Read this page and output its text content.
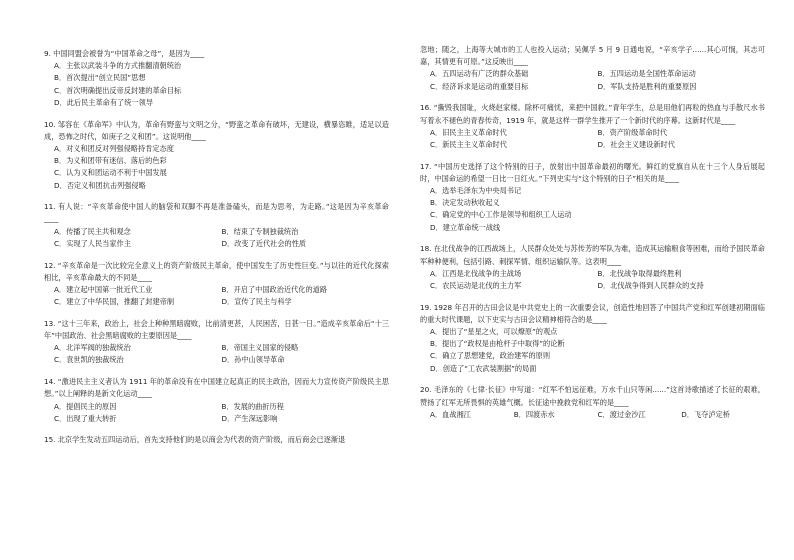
9. 中国同盟会被誉为“中国革命之母”，是因为____
A．主张以武装斗争的方式推翻清朝统治
B．首次提出“创立民国”思想
C．首次明确提出反帝反封建的革命目标
D．此后民主革命有了统一领导
10. 邹容在《革命军》中认为，革命有野蛮与文明之分，“野蛮之革命有破坏，无建设，横暴恣睢，适足以造成，恐怖之时代，如庚子之义和团”。这说明他____
A．对义和团反对列强侵略持肯定态度
B．为义和团带有迷信、落后的色彩
C．认为义和团运动不利于中国发展
D．否定义和团抗击列强侵略
11. 有人说：“辛亥革命使中国人的脑袋和双脚不再是准备磕头，而是为思考，为走路。”这是因为辛亥革命____
A．传播了民主共和观念	B．结束了专制独裁统治
C．实现了人民当家作主	D．改变了近代社会的性质
12. “辛亥革命是一次比较完全意义上的资产阶级民主革命，使中国发生了历史性巨变。”与以往的近代化探索相比，辛亥革命最大的不同是____
A．建立起中国第一批近代工业	B．开启了中国政治近代化的道路
C．建立了中华民国，推翻了封建帝制	D．宣传了民主与科学
13. “这十三年来，政治上，社会上种种黑暗腐败，比前清更甚，人民困苦，日甚一日。”造成辛亥革命后“十三年”中国政治、社会黑暗腐败的主要原因是____
A．北洋军阀的独裁统治	B．帝国主义国家的侵略
C．袁世凯的独裁统治	D．孙中山领导革命
14. “激进民主主义者认为 1911 年的革命没有在中国建立起真正的民主政治，因而大力宣传资产阶级民主思想。”以上阐释的是新文化运动____
A．提倡民主的原因	B．发展的曲折历程
C．出现了重大转折	D．产生深远影响
15. 北京学生发动五四运动后，首先支持他们的是以商会为代表的资产阶级，而后商会已逐渐退
忽地；随之，上海等大城市的工人也投入运动；吴佩孚 5 月 9 日通电说，“辛亥学子......其心可悯，其志可嘉，其情更有可原。”这反映出____
A．五四运动有广泛的群众基础	B．五四运动是全国性革命运动
C．经济诉求是运动的重要目标	D．军队支持是胜利的重要原因
16. “撕毁我国耻，火烧赵家楼。除杯可痛忧，来把中国救。”青年学生，总是用他们再粒的热血与手散尺水书写着永不褪色的青春传奇，1919 年，就是这样一群学生推开了一个新时代的序幕。这新时代是____
A．旧民主主义革命时代	B．资产阶级革命时代
C．新民主主义革命时代	D．社会主义建设新时代
17. “中国历史选择了这个特别的日子，放射出中国革命最初的曙光。鲜红的党旗自从在十三个人身后展起时，中国命运的希望一日比一日红火。”下列史实与“这个特别的日子”相关的是____
A．选举毛泽东为中央局书记
B．决定发动秋收起义
C．确定党的中心工作是领导和组织工人运动
D．建立革命统一战线
18. 在北伐战争的江西战场上，人民群众处处与苏传芳的军队为难，造成其运输粮食等困难，而给予国民革命军种种便利，包括引路、刺探军情、组织运输队等。这表明____
A．江西是北伐战争的主战场	B．北伐战争取得最终胜利
C．农民运动是北伐的主力军	D．北伐战争得到人民群众的支持
19. 1928 年召开的古田会议是中共党史上的一次重要会议，创造性地回答了中国共产党和红军创建初期面临的重大时代课题，以下史实与古田会议精神相符合的是____
A．提出了“星星之火，可以燎原”的观点
B．提出了“政权是由枪杆子中取得”的论断
C．确立了思想建党，政治建军的原则
D．创造了“工农武装割据”的局面
20. 毛泽东的《七律·长征》中写道：“红军不怕远征难，万水千山只等闲......”这首诗歌描述了长征的艰难，赞扬了红军无所畏惧的英雄气概。长征途中挽救党和红军的是____
A．血战湘江	B．四渡赤水	C．渡过金沙江	D．飞夺泸定桥
